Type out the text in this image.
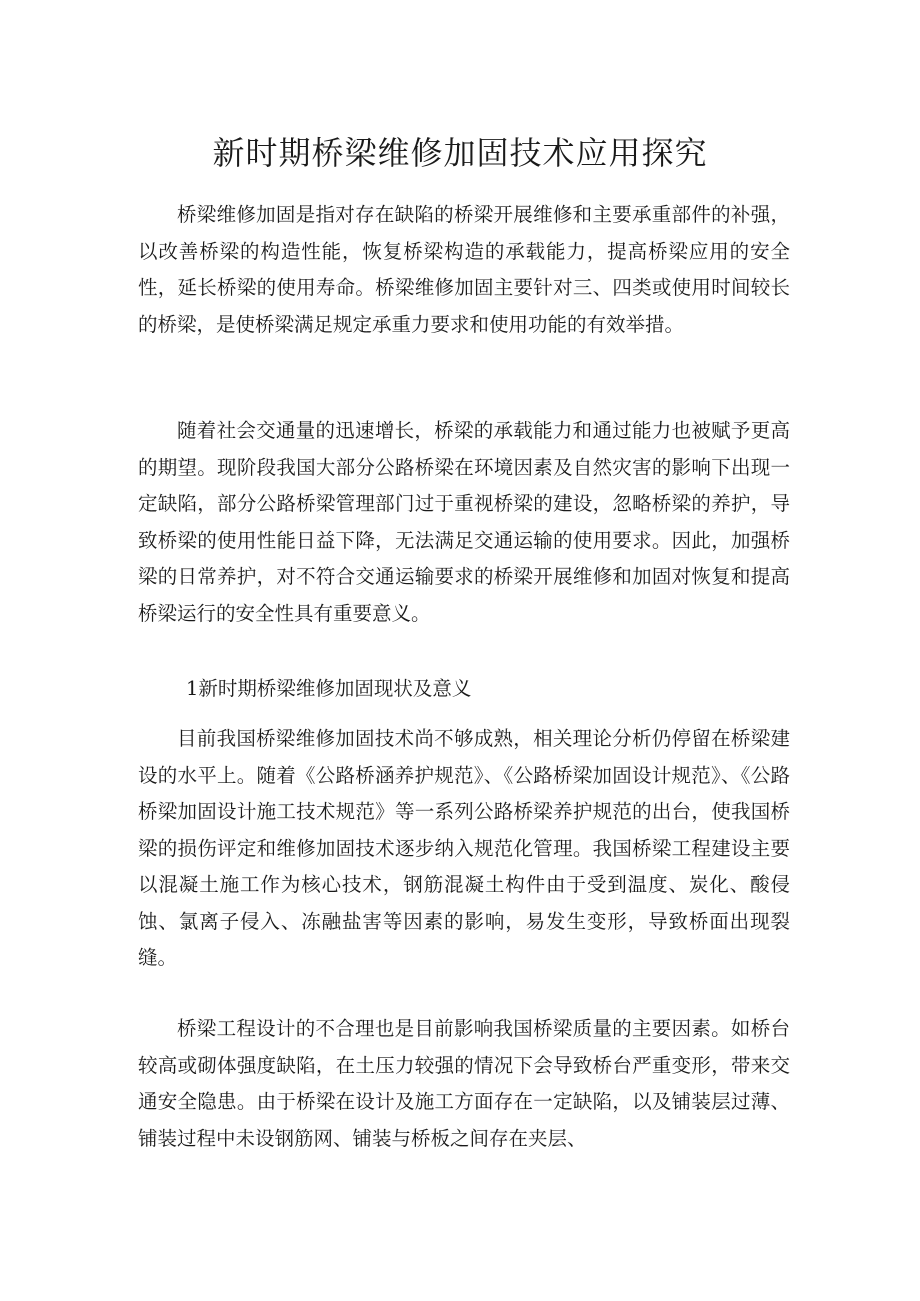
新时期桥梁维修加固技术应用探究

桥梁维修加固是指对存在缺陷的桥梁开展维修和主要承重部件的补强，以改善桥梁的构造性能，恢复桥梁构造的承载能力，提高桥梁应用的安全性，延长桥梁的使用寿命。桥梁维修加固主要针对三、四类或使用时间较长的桥梁，是使桥梁满足规定承重力要求和使用功能的有效举措。

随着社会交通量的迅速增长，桥梁的承载能力和通过能力也被赋予更高的期望。现阶段我国大部分公路桥梁在环境因素及自然灾害的影响下出现一定缺陷，部分公路桥梁管理部门过于重视桥梁的建设，忽略桥梁的养护，导致桥梁的使用性能日益下降，无法满足交通运输的使用要求。因此，加强桥梁的日常养护，对不符合交通运输要求的桥梁开展维修和加固对恢复和提高桥梁运行的安全性具有重要意义。

1新时期桥梁维修加固现状及意义

目前我国桥梁维修加固技术尚不够成熟，相关理论分析仍停留在桥梁建设的水平上。随着《公路桥涵养护规范》、《公路桥梁加固设计规范》、《公路桥梁加固设计施工技术规范》等一系列公路桥梁养护规范的出台，使我国桥梁的损伤评定和维修加固技术逐步纳入规范化管理。我国桥梁工程建设主要以混凝土施工作为核心技术，钢筋混凝土构件由于受到温度、炭化、酸侵蚀、氯离子侵入、冻融盐害等因素的影响，易发生变形，导致桥面出现裂缝。

桥梁工程设计的不合理也是目前影响我国桥梁质量的主要因素。如桥台较高或砌体强度缺陷，在土压力较强的情况下会导致桥台严重变形，带来交通安全隐患。由于桥梁在设计及施工方面存在一定缺陷，以及铺装层过薄、铺装过程中未设钢筋网、铺装与桥板之间存在夹层、
